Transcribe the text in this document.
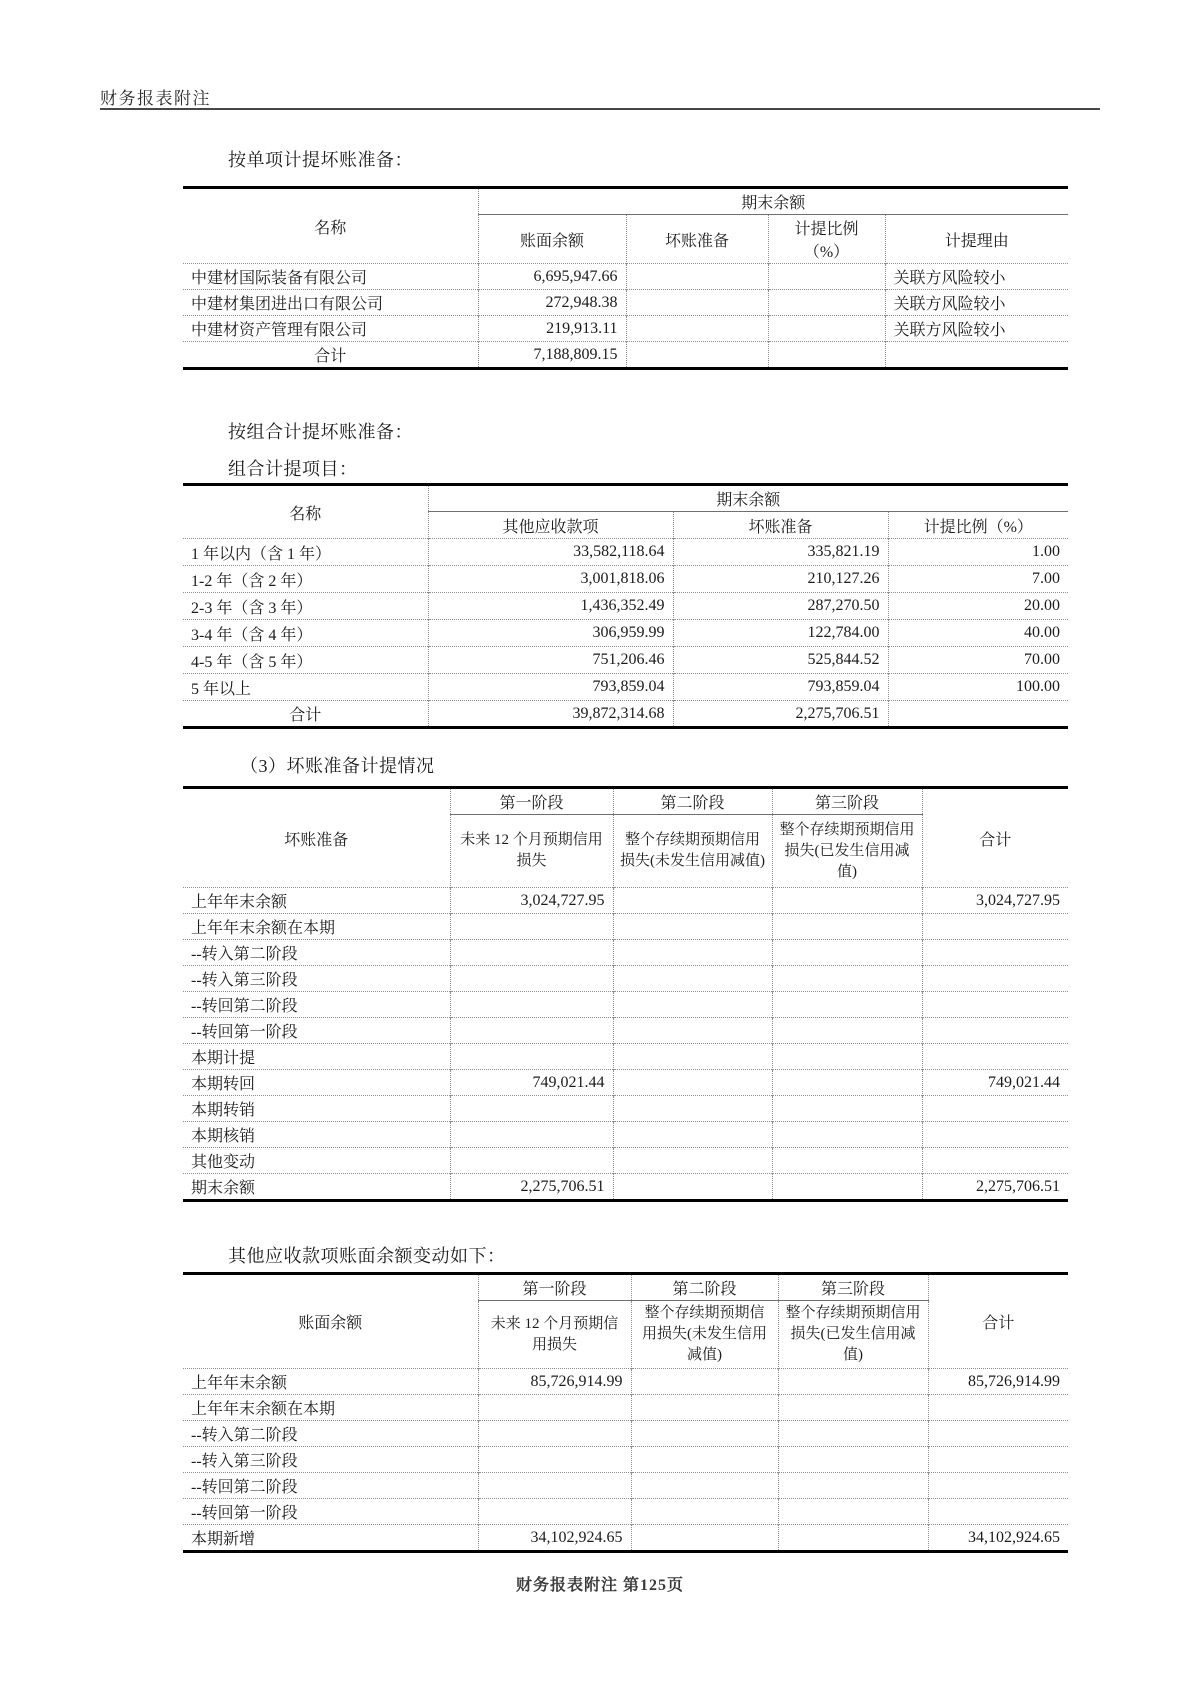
财务报表附注
按单项计提坏账准备：
名称	期末余额			
	账面余额	坏账准备	计提比例（%）	计提理由
中建材国际装备有限公司	6,695,947.66			关联方风险较小
中建材集团进出口有限公司	272,948.38			关联方风险较小
中建材资产管理有限公司	219,913.11			关联方风险较小
合计	7,188,809.15			
按组合计提坏账准备：
组合计提项目：
名称	期末余额		
	其他应收款项	坏账准备	计提比例（%）
1 年以内（含 1 年）	33,582,118.64	335,821.19	1.00
1-2 年（含 2 年）	3,001,818.06	210,127.26	7.00
2-3 年（含 3 年）	1,436,352.49	287,270.50	20.00
3-4 年（含 4 年）	306,959.99	122,784.00	40.00
4-5 年（含 5 年）	751,206.46	525,844.52	70.00
5 年以上	793,859.04	793,859.04	100.00
合计	39,872,314.68	2,275,706.51	
（3）坏账准备计提情况
坏账准备	第一阶段	第二阶段	第三阶段	合计
	未来 12 个月预期信用损失	整个存续期预期信用损失(未发生信用减值)	整个存续期预期信用损失(已发生信用减值)	
上年年末余额	3,024,727.95			3,024,727.95
上年年末余额在本期				
--转入第二阶段				
--转入第三阶段				
--转回第二阶段				
--转回第一阶段				
本期计提				
本期转回	749,021.44			749,021.44
本期转销				
本期核销				
其他变动				
期末余额	2,275,706.51			2,275,706.51
其他应收款项账面余额变动如下：
账面余额	第一阶段	第二阶段	第三阶段	合计
	未来 12 个月预期信用损失	整个存续期预期信用损失(未发生信用减值)	整个存续期预期信用损失(已发生信用减值)	
上年年末余额	85,726,914.99			85,726,914.99
上年年末余额在本期				
--转入第二阶段				
--转入第三阶段				
--转回第二阶段				
--转回第一阶段				
本期新增	34,102,924.65			34,102,924.65
财务报表附注 第125页
